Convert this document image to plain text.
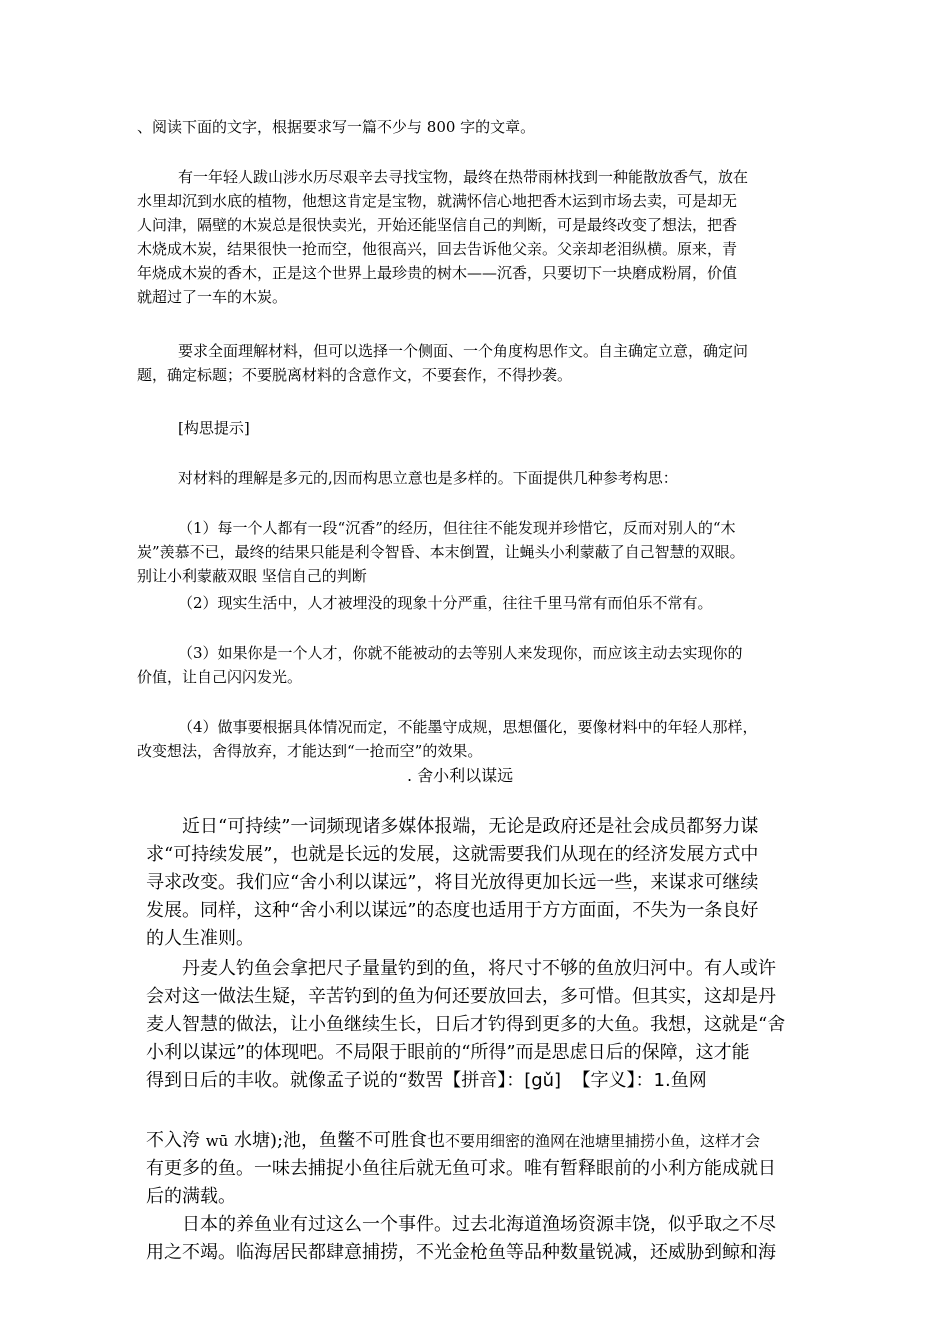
、阅读下面的文字，根据要求写一篇不少与 800 字的文章。

有一年轻人跋山涉水历尽艰辛去寻找宝物，最终在热带雨林找到一种能散放香气，放在

水里却沉到水底的植物，他想这肯定是宝物，就满怀信心地把香木运到市场去卖，可是却无

人问津，隔壁的木炭总是很快卖光，开始还能坚信自己的判断，可是最终改变了想法，把香

木烧成木炭，结果很快一抢而空，他很高兴，回去告诉他父亲。父亲却老泪纵横。原来，青

年烧成木炭的香木，正是这个世界上最珍贵的树木——沉香，只要切下一块磨成粉屑，价值

就超过了一车的木炭。

要求全面理解材料，但可以选择一个侧面、一个角度构思作文。自主确定立意，确定问

题，确定标题；不要脱离材料的含意作文，不要套作，不得抄袭。

[构思提示]

对材料的理解是多元的,因而构思立意也是多样的。下面提供几种参考构思：

（1）每一个人都有一段“沉香”的经历，但往往不能发现并珍惜它，反而对别人的“木

炭”羡慕不已，最终的结果只能是利令智昏、本末倒置，让蝇头小利蒙蔽了自己智慧的双眼。

别让小利蒙蔽双眼 坚信自己的判断

（2）现实生活中，人才被埋没的现象十分严重，往往千里马常有而伯乐不常有。

（3）如果你是一个人才，你就不能被动的去等别人来发现你，而应该主动去实现你的

价值，让自己闪闪发光。

（4）做事要根据具体情况而定，不能墨守成规，思想僵化，要像材料中的年轻人那样，

改变想法，舍得放弃，才能达到“一抢而空”的效果。

. 舍小利以谋远

近日“可持续”一词频现诸多媒体报端，无论是政府还是社会成员都努力谋

求“可持续发展”，也就是长远的发展，这就需要我们从现在的经济发展方式中

寻求改变。我们应“舍小利以谋远”，将目光放得更加长远一些，来谋求可继续

发展。同样，这种“舍小利以谋远”的态度也适用于方方面面，不失为一条良好

的人生准则。

丹麦人钓鱼会拿把尺子量量钓到的鱼，将尺寸不够的鱼放归河中。有人或许

会对这一做法生疑，辛苦钓到的鱼为何还要放回去，多可惜。但其实，这却是丹

麦人智慧的做法，让小鱼继续生长，日后才钓得到更多的大鱼。我想，这就是“舍

小利以谋远”的体现吧。不局限于眼前的“所得”而是思虑日后的保障，这才能

得到日后的丰收。就像孟子说的“数罟【拼音】：[gǔ] 【字义】：1.鱼网

不入洿 wū 水塘);池，鱼鳖不可胜食也不要用细密的渔网在池塘里捕捞小鱼，这样才会

有更多的鱼。一味去捕捉小鱼往后就无鱼可求。唯有暂释眼前的小利方能成就日

后的满载。

日本的养鱼业有过这么一个事件。过去北海道渔场资源丰饶，似乎取之不尽

用之不竭。临海居民都肆意捕捞，不光金枪鱼等品种数量锐减，还威胁到鲸和海
